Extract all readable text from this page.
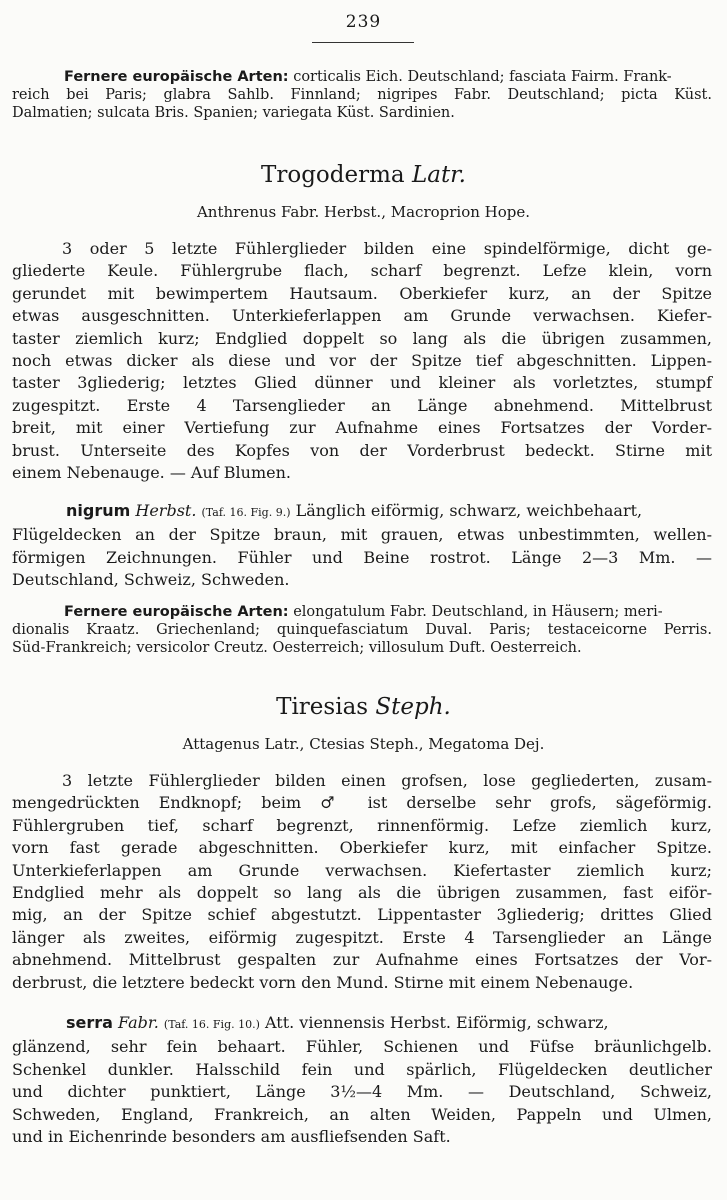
239
Fernere europäische Arten: corticalis Eich. Deutschland; fasciata Fairm. Frank-
reich bei Paris; glabra Sahlb. Finnland; nigripes Fabr. Deutschland; picta Küst.
Dalmatien; sulcata Bris. Spanien; variegata Küst. Sardinien.
Trogoderma Latr.
Anthrenus Fabr. Herbst., Macroprion Hope.
3 oder 5 letzte Fühlerglieder bilden eine spindelförmige, dicht ge-
gliederte Keule. Fühlergrube flach, scharf begrenzt. Lefze klein, vorn
gerundet mit bewimpertem Hautsaum. Oberkiefer kurz, an der Spitze
etwas ausgeschnitten. Unterkieferlappen am Grunde verwachsen. Kiefer-
taster ziemlich kurz; Endglied doppelt so lang als die übrigen zusammen,
noch etwas dicker als diese und vor der Spitze tief abgeschnitten. Lippen-
taster 3gliederig; letztes Glied dünner und kleiner als vorletztes, stumpf
zugespitzt. Erste 4 Tarsenglieder an Länge abnehmend. Mittelbrust
breit, mit einer Vertiefung zur Aufnahme eines Fortsatzes der Vorder-
brust. Unterseite des Kopfes von der Vorderbrust bedeckt. Stirne mit
einem Nebenauge. — Auf Blumen.
nigrum Herbst. (Taf. 16. Fig. 9.) Länglich eiförmig, schwarz, weichbehaart,
Flügeldecken an der Spitze braun, mit grauen, etwas unbestimmten, wellen-
förmigen Zeichnungen. Fühler und Beine rostrot. Länge 2—3 Mm. —
Deutschland, Schweiz, Schweden.
Fernere europäische Arten: elongatulum Fabr. Deutschland, in Häusern; meri-
dionalis Kraatz. Griechenland; quinquefasciatum Duval. Paris; testaceicorne Perris.
Süd-Frankreich; versicolor Creutz. Oesterreich; villosulum Duft. Oesterreich.
Tiresias Steph.
Attagenus Latr., Ctesias Steph., Megatoma Dej.
3 letzte Fühlerglieder bilden einen grofsen, lose gegliederten, zusam-
mengedrückten Endknopf; beim ♂ ist derselbe sehr grofs, sägeförmig.
Fühlergruben tief, scharf begrenzt, rinnenförmig. Lefze ziemlich kurz,
vorn fast gerade abgeschnitten. Oberkiefer kurz, mit einfacher Spitze.
Unterkieferlappen am Grunde verwachsen. Kiefertaster ziemlich kurz;
Endglied mehr als doppelt so lang als die übrigen zusammen, fast eiför-
mig, an der Spitze schief abgestutzt. Lippentaster 3gliederig; drittes Glied
länger als zweites, eiförmig zugespitzt. Erste 4 Tarsenglieder an Länge
abnehmend. Mittelbrust gespalten zur Aufnahme eines Fortsatzes der Vor-
derbrust, die letztere bedeckt vorn den Mund. Stirne mit einem Nebenauge.
serra Fabr. (Taf. 16. Fig. 10.) Att. viennensis Herbst. Eiförmig, schwarz,
glänzend, sehr fein behaart. Fühler, Schienen und Füfse bräunlichgelb.
Schenkel dunkler. Halsschild fein und spärlich, Flügeldecken deutlicher
und dichter punktiert, Länge 3½—4 Mm. — Deutschland, Schweiz,
Schweden, England, Frankreich, an alten Weiden, Pappeln und Ulmen,
und in Eichenrinde besonders am ausfliefsenden Saft.
